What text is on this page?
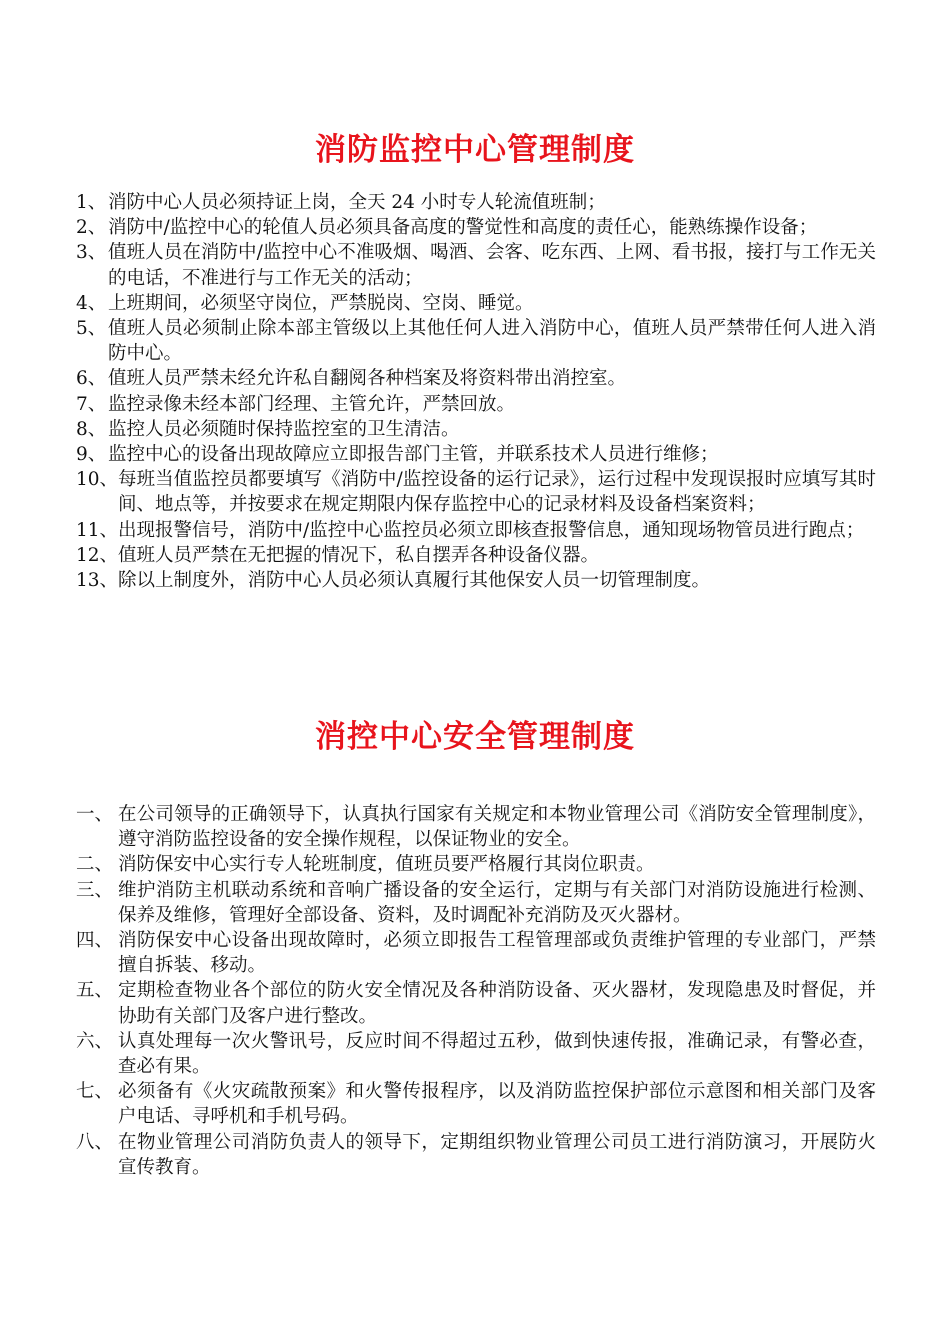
消防监控中心管理制度
1、 消防中心人员必须持证上岗，全天 24 小时专人轮流值班制；
2、 消防中/监控中心的轮值人员必须具备高度的警觉性和高度的责任心，能熟练操作设备；
3、 值班人员在消防中/监控中心不准吸烟、喝酒、会客、吃东西、上网、看书报，接打与工作无关的电话，不准进行与工作无关的活动；
4、 上班期间，必须坚守岗位，严禁脱岗、空岗、睡觉。
5、 值班人员必须制止除本部主管级以上其他任何人进入消防中心，值班人员严禁带任何人进入消防中心。
6、 值班人员严禁未经允许私自翻阅各种档案及将资料带出消控室。
7、 监控录像未经本部门经理、主管允许，严禁回放。
8、 监控人员必须随时保持监控室的卫生清洁。
9、 监控中心的设备出现故障应立即报告部门主管，并联系技术人员进行维修；
10、 每班当值监控员都要填写《消防中/监控设备的运行记录》，运行过程中发现误报时应填写其时间、地点等，并按要求在规定期限内保存监控中心的记录材料及设备档案资料；
11、 出现报警信号，消防中/监控中心监控员必须立即核查报警信息，通知现场物管员进行跑点；
12、 值班人员严禁在无把握的情况下，私自摆弄各种设备仪器。
13、 除以上制度外，消防中心人员必须认真履行其他保安人员一切管理制度。
消控中心安全管理制度
一、 在公司领导的正确领导下，认真执行国家有关规定和本物业管理公司《消防安全管理制度》，遵守消防监控设备的安全操作规程，以保证物业的安全。
二、 消防保安中心实行专人轮班制度，值班员要严格履行其岗位职责。
三、 维护消防主机联动系统和音响广播设备的安全运行，定期与有关部门对消防设施进行检测、保养及维修，管理好全部设备、资料，及时调配补充消防及灭火器材。
四、 消防保安中心设备出现故障时，必须立即报告工程管理部或负责维护管理的专业部门，严禁擅自拆装、移动。
五、 定期检查物业各个部位的防火安全情况及各种消防设备、灭火器材，发现隐患及时督促，并协助有关部门及客户进行整改。
六、 认真处理每一次火警讯号，反应时间不得超过五秒，做到快速传报，准确记录，有警必查，查必有果。
七、 必须备有《火灾疏散预案》和火警传报程序，以及消防监控保护部位示意图和相关部门及客户电话、寻呼机和手机号码。
八、 在物业管理公司消防负责人的领导下，定期组织物业管理公司员工进行消防演习，开展防火宣传教育。
